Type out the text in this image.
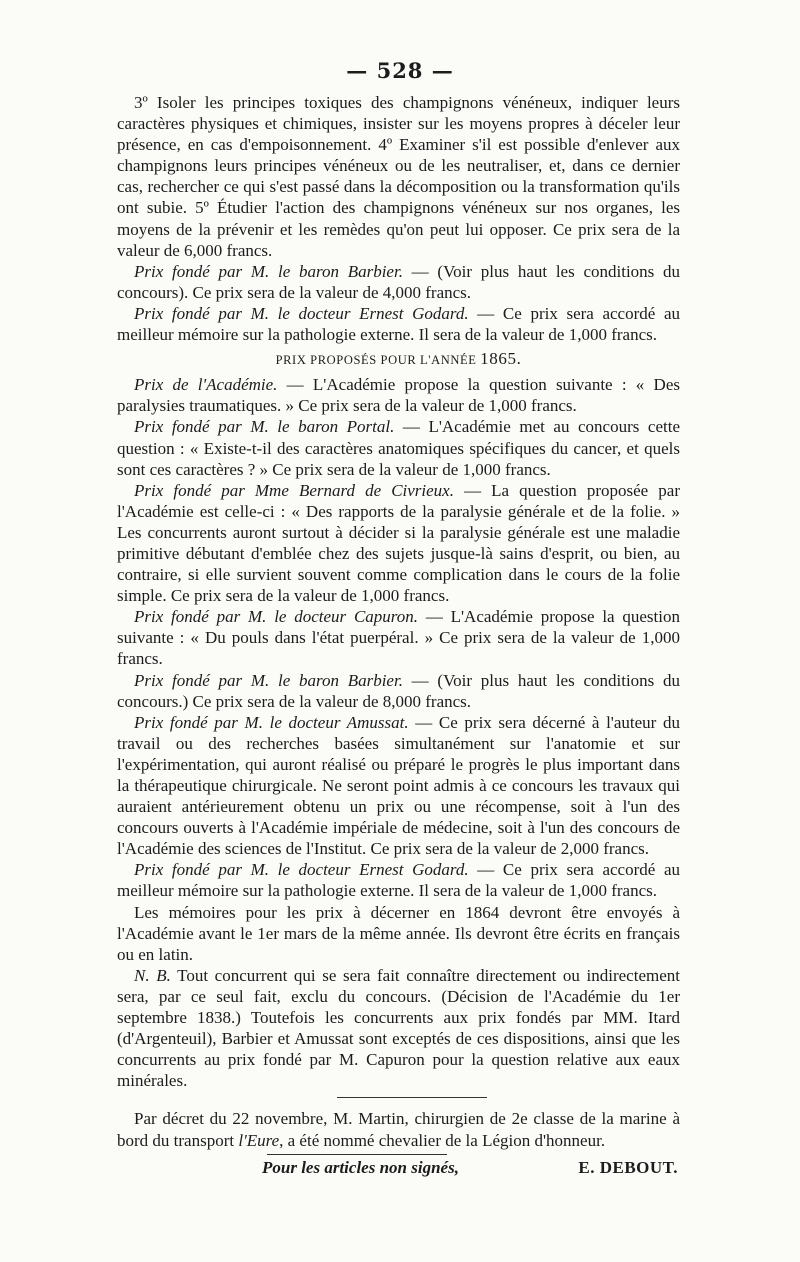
— 528 —

3º Isoler les principes toxiques des champignons vénéneux, indiquer leurs caractères physiques et chimiques, insister sur les moyens propres à déceler leur présence, en cas d'empoisonnement. 4º Examiner s'il est possible d'enlever aux champignons leurs principes vénéneux ou de les neutraliser, et, dans ce dernier cas, rechercher ce qui s'est passé dans la décomposition ou la transformation qu'ils ont subie. 5º Étudier l'action des champignons vénéneux sur nos organes, les moyens de la prévenir et les remèdes qu'on peut lui opposer. Ce prix sera de la valeur de 6,000 francs.

Prix fondé par M. le baron Barbier. — (Voir plus haut les conditions du concours). Ce prix sera de la valeur de 4,000 francs.

Prix fondé par M. le docteur Ernest Godard. — Ce prix sera accordé au meilleur mémoire sur la pathologie externe. Il sera de la valeur de 1,000 francs.

PRIX PROPOSÉS POUR L'ANNÉE 1865.

Prix de l'Académie. — L'Académie propose la question suivante : « Des paralysies traumatiques. » Ce prix sera de la valeur de 1,000 francs.

Prix fondé par M. le baron Portal. — L'Académie met au concours cette question : « Existe-t-il des caractères anatomiques spécifiques du cancer, et quels sont ces caractères ? » Ce prix sera de la valeur de 1,000 francs.

Prix fondé par Mme Bernard de Civrieux. — La question proposée par l'Académie est celle-ci : « Des rapports de la paralysie générale et de la folie. » Les concurrents auront surtout à décider si la paralysie générale est une maladie primitive débutant d'emblée chez des sujets jusque-là sains d'esprit, ou bien, au contraire, si elle survient souvent comme complication dans le cours de la folie simple. Ce prix sera de la valeur de 1,000 francs.

Prix fondé par M. le docteur Capuron. — L'Académie propose la question suivante : « Du pouls dans l'état puerpéral. » Ce prix sera de la valeur de 1,000 francs.

Prix fondé par M. le baron Barbier. — (Voir plus haut les conditions du concours.) Ce prix sera de la valeur de 8,000 francs.

Prix fondé par M. le docteur Amussat. — Ce prix sera décerné à l'auteur du travail ou des recherches basées simultanément sur l'anatomie et sur l'expérimentation, qui auront réalisé ou préparé le progrès le plus important dans la thérapeutique chirurgicale. Ne seront point admis à ce concours les travaux qui auraient antérieurement obtenu un prix ou une récompense, soit à l'un des concours ouverts à l'Académie impériale de médecine, soit à l'un des concours de l'Académie des sciences de l'Institut. Ce prix sera de la valeur de 2,000 francs.

Prix fondé par M. le docteur Ernest Godard. — Ce prix sera accordé au meilleur mémoire sur la pathologie externe. Il sera de la valeur de 1,000 francs.

Les mémoires pour les prix à décerner en 1864 devront être envoyés à l'Académie avant le 1er mars de la même année. Ils devront être écrits en français ou en latin.

N. B. Tout concurrent qui se sera fait connaître directement ou indirectement sera, par ce seul fait, exclu du concours. (Décision de l'Académie du 1er septembre 1838.) Toutefois les concurrents aux prix fondés par MM. Itard (d'Argenteuil), Barbier et Amussat sont exceptés de ces dispositions, ainsi que les concurrents au prix fondé par M. Capuron pour la question relative aux eaux minérales.

Par décret du 22 novembre, M. Martin, chirurgien de 2e classe de la marine à bord du transport l'Eure, a été nommé chevalier de la Légion d'honneur.

Pour les articles non signés,	E. DEBOUT.
